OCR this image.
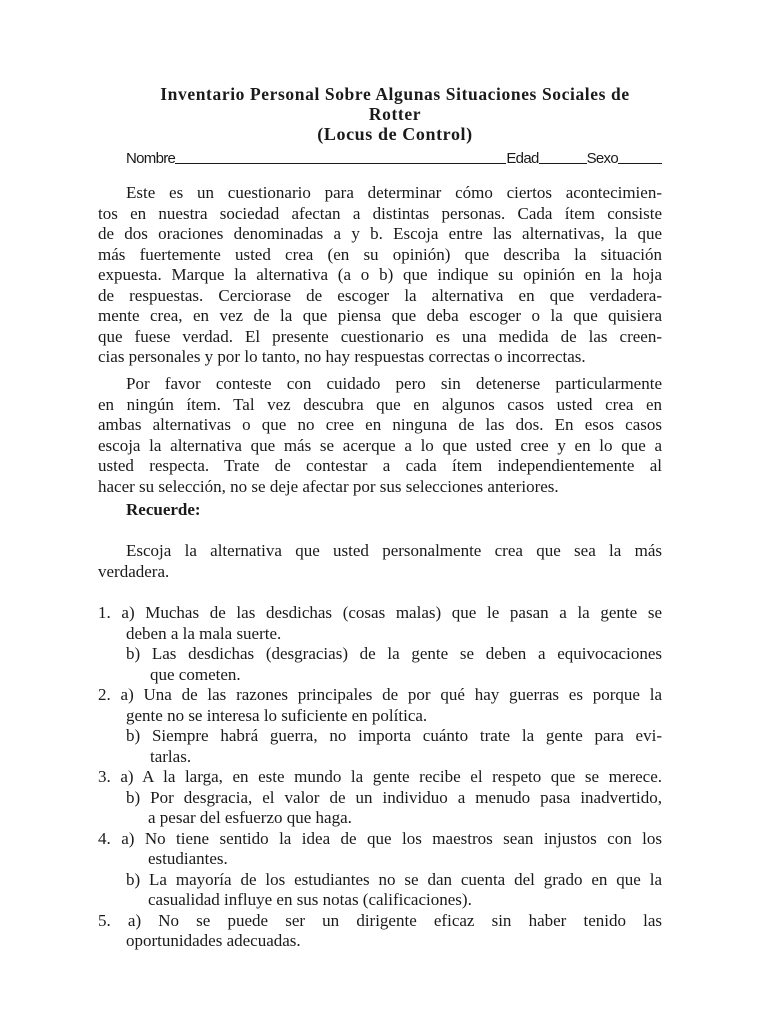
Inventario Personal Sobre Algunas Situaciones Sociales de
Rotter
(Locus de Control)
Nombre	Edad	Sexo
Este es un cuestionario para determinar cómo ciertos acontecimien-
tos en nuestra sociedad afectan a distintas personas. Cada ítem consiste
de dos oraciones denominadas a y b. Escoja entre las alternativas, la que
más fuertemente usted crea (en su opinión) que describa la situación
expuesta. Marque la alternativa (a o b) que indique su opinión en la hoja
de respuestas. Cerciorase de escoger la alternativa en que verdadera-
mente crea, en vez de la que piensa que deba escoger o la que quisiera
que fuese verdad. El presente cuestionario es una medida de las creen-
cias personales y por lo tanto, no hay respuestas correctas o incorrectas.
Por favor conteste con cuidado pero sin detenerse particularmente
en ningún ítem. Tal vez descubra que en algunos casos usted crea en
ambas alternativas o que no cree en ninguna de las dos. En esos casos
escoja la alternativa que más se acerque a lo que usted cree y en lo que a
usted respecta. Trate de contestar a cada ítem independientemente al
hacer su selección, no se deje afectar por sus selecciones anteriores.

Recuerde:

Escoja la alternativa que usted personalmente crea que sea la más
verdadera.
1. a) Muchas de las desdichas (cosas malas) que le pasan a la gente se
deben a la mala suerte.
b) Las desdichas (desgracias) de la gente se deben a equivocaciones
que cometen.
2. a) Una de las razones principales de por qué hay guerras es porque la
gente no se interesa lo suficiente en política.
b) Siempre habrá guerra, no importa cuánto trate la gente para evi-
tarlas.
3. a) A la larga, en este mundo la gente recibe el respeto que se merece.
b) Por desgracia, el valor de un individuo a menudo pasa inadvertido,
a pesar del esfuerzo que haga.
4. a) No tiene sentido la idea de que los maestros sean injustos con los
estudiantes.
b) La mayoría de los estudiantes no se dan cuenta del grado en que la
casualidad influye en sus notas (calificaciones).
5. a) No se puede ser un dirigente eficaz sin haber tenido las
oportunidades adecuadas.
